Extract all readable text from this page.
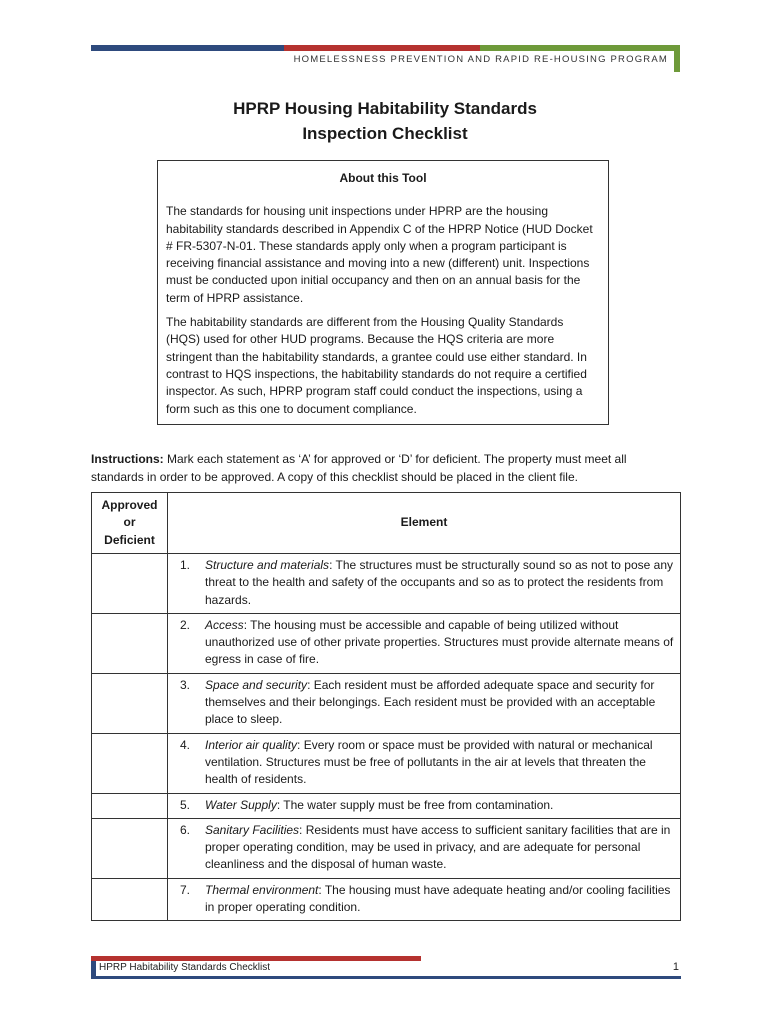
HOMELESSNESS PREVENTION AND RAPID RE-HOUSING PROGRAM
HPRP Housing Habitability Standards
Inspection Checklist
About this Tool

The standards for housing unit inspections under HPRP are the housing habitability standards described in Appendix C of the HPRP Notice (HUD Docket # FR-5307-N-01. These standards apply only when a program participant is receiving financial assistance and moving into a new (different) unit. Inspections must be conducted upon initial occupancy and then on an annual basis for the term of HPRP assistance.

The habitability standards are different from the Housing Quality Standards (HQS) used for other HUD programs. Because the HQS criteria are more stringent than the habitability standards, a grantee could use either standard. In contrast to HQS inspections, the habitability standards do not require a certified inspector. As such, HPRP program staff could conduct the inspections, using a form such as this one to document compliance.

Instructions: Mark each statement as ‘A’ for approved or ‘D’ for deficient. The property must meet all standards in order to be approved. A copy of this checklist should be placed in the client file.
Approved
or
Deficient	Element

	1. Structure and materials: The structures must be structurally sound so as not to pose any threat to the health and safety of the occupants and so as to protect the residents from hazards.

	2. Access: The housing must be accessible and capable of being utilized without unauthorized use of other private properties. Structures must provide alternate means of egress in case of fire.

	3. Space and security: Each resident must be afforded adequate space and security for themselves and their belongings. Each resident must be provided with an acceptable place to sleep.

	4. Interior air quality: Every room or space must be provided with natural or mechanical ventilation. Structures must be free of pollutants in the air at levels that threaten the health of residents.

	5. Water Supply: The water supply must be free from contamination.

	6. Sanitary Facilities: Residents must have access to sufficient sanitary facilities that are in proper operating condition, may be used in privacy, and are adequate for personal cleanliness and the disposal of human waste.

	7. Thermal environment: The housing must have adequate heating and/or cooling facilities in proper operating condition.
HPRP Habitability Standards Checklist	1
